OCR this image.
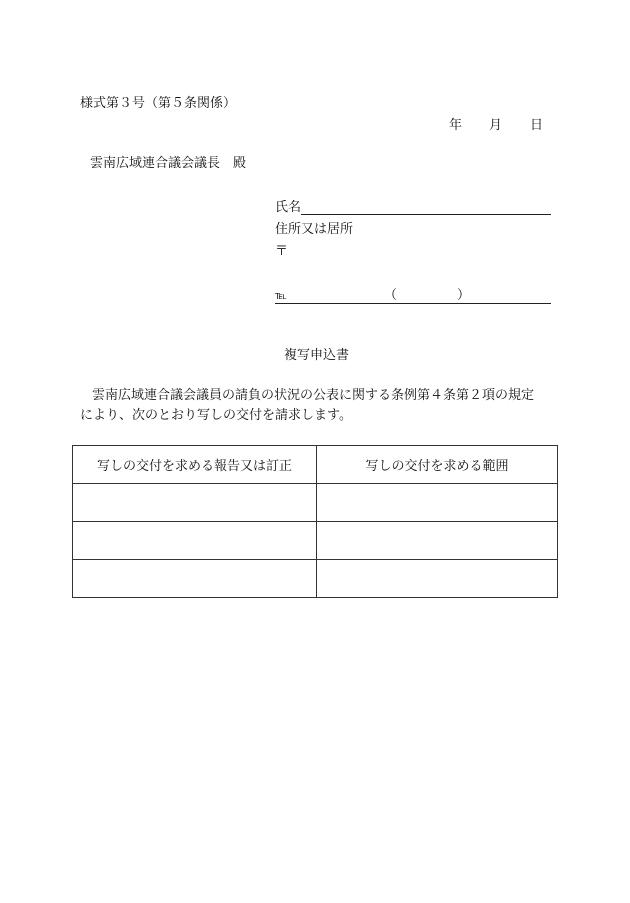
様式第３号（第５条関係）
年 月 日
雲南広域連合議会議長　殿
氏名
住所又は居所
〒
℡	（	）
複写申込書
雲南広域連合議会議員の請負の状況の公表に関する条例第４条第２項の規定
により、次のとおり写しの交付を請求します。
写しの交付を求める報告又は訂正	写しの交付を求める範囲
